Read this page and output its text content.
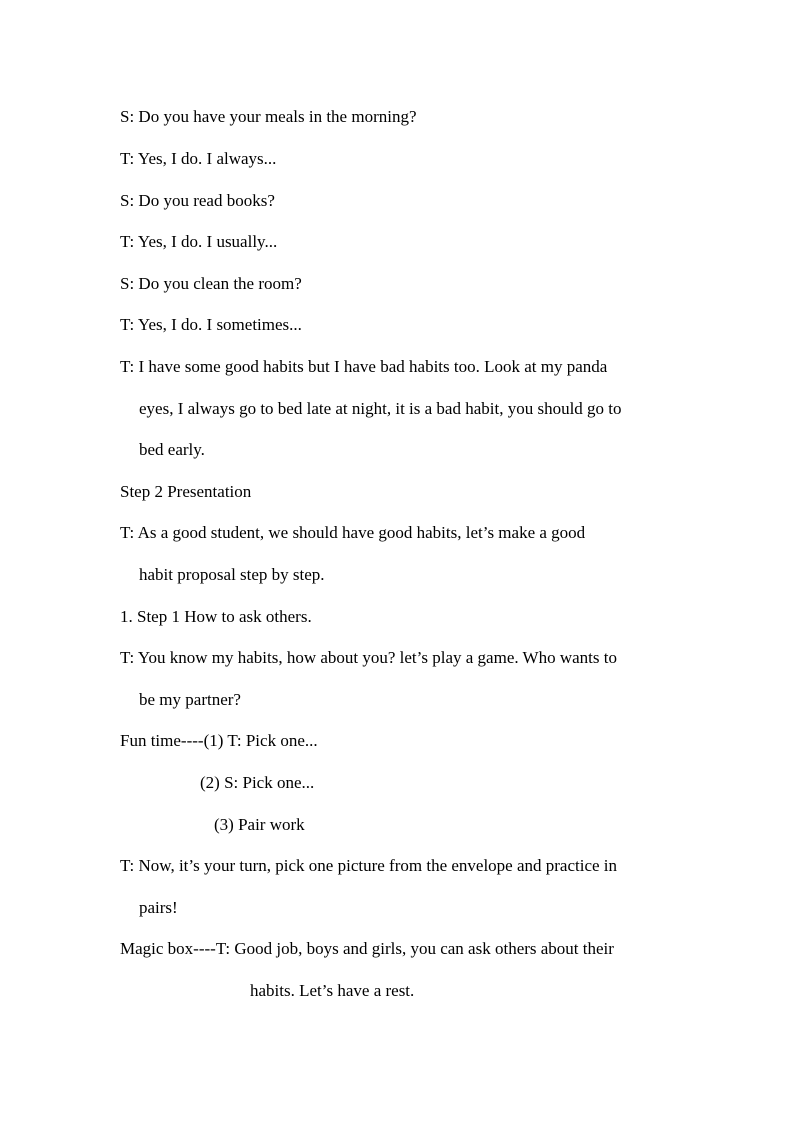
S: Do you have your meals in the morning?
T: Yes, I do. I always...
S: Do you read books?
T: Yes, I do. I usually...
S: Do you clean the room?
T: Yes, I do. I sometimes...
T: I have some good habits but I have bad habits too. Look at my panda
eyes, I always go to bed late at night, it is a bad habit, you should go to
bed early.
Step 2 Presentation
T: As a good student, we should have good habits, let’s make a good
habit proposal step by step.
1. Step 1 How to ask others.
T: You know my habits, how about you? let’s play a game. Who wants to
be my partner?
Fun time----(1) T: Pick one...
(2) S: Pick one...
(3) Pair work
T: Now, it’s your turn, pick one picture from the envelope and practice in
pairs!
Magic box----T: Good job, boys and girls, you can ask others about their
habits. Let’s have a rest.
